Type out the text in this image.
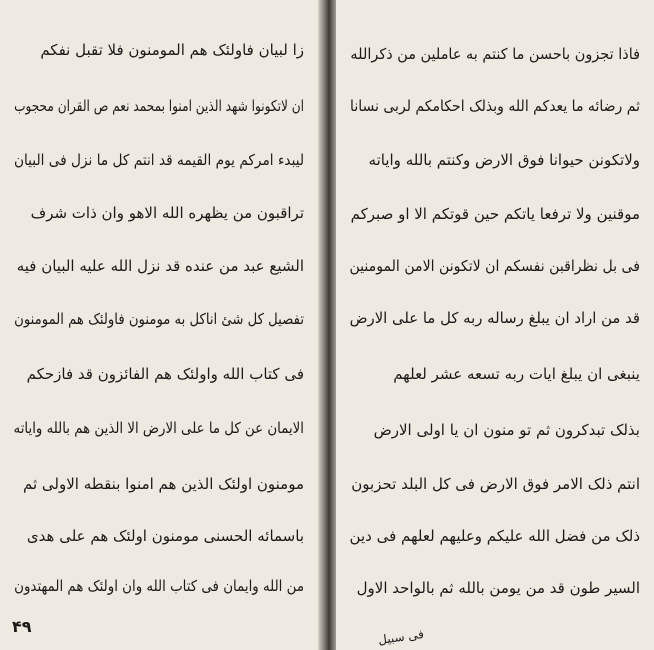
زا لبیان فاولئک هم المومنون فلا تقبل نفکم
ان لاتکونوا شهد الذین امنوا بمحمد نعم ص القران محجوب
لیبدء امرکم یوم القیمه قد انتم کل ما نزل فی البیان
تراقبون من یظهره الله الاهو وان ذات شرف
الشیع عبد من عنده قد نزل الله علیه البیان فیه
تفصیل کل شئ اناکل به مومنون فاولئک هم المومنون
فی کتاب الله واولئک هم الفائزون قد فازحکم
الایمان عن کل ما علی الارض الا الذین هم بالله وایاته
مومنون اولئک الذین هم امنوا بنقطه الاولی ثم
باسمائه الحسنی مومنون اولئک هم علی هدی
من الله وایمان فی کتاب الله وان اولئک هم المهتدون
۴۹
فاذا تجزون باحسن ما کنتم به عاملین من ذکرالله
ثم رضائه ما یعدکم الله وبذلک احکامکم لربی نسانا
ولاتکونن حیوانا فوق الارض وکنتم بالله وایاته
موقنین ولا ترفعا یاتکم حین قوتکم الا او صبرکم
فی بل نظراقبن نفسکم ان لاتکونن الامن المومنین
قد من اراد ان یبلغ رساله ربه کل ما علی الارض
ینبغی ان یبلغ ایات ربه تسعه عشر لعلهم
بذلک تبدکرون ثم تو منون ان یا اولی الارض
انتم ذلک الامر فوق الارض فی کل البلد تحزبون
ذلک من فضل الله علیکم وعلیهم لعلهم فی دین
السیر طون قد من یومن بالله ثم بالواحد الاول
فی سبیل
